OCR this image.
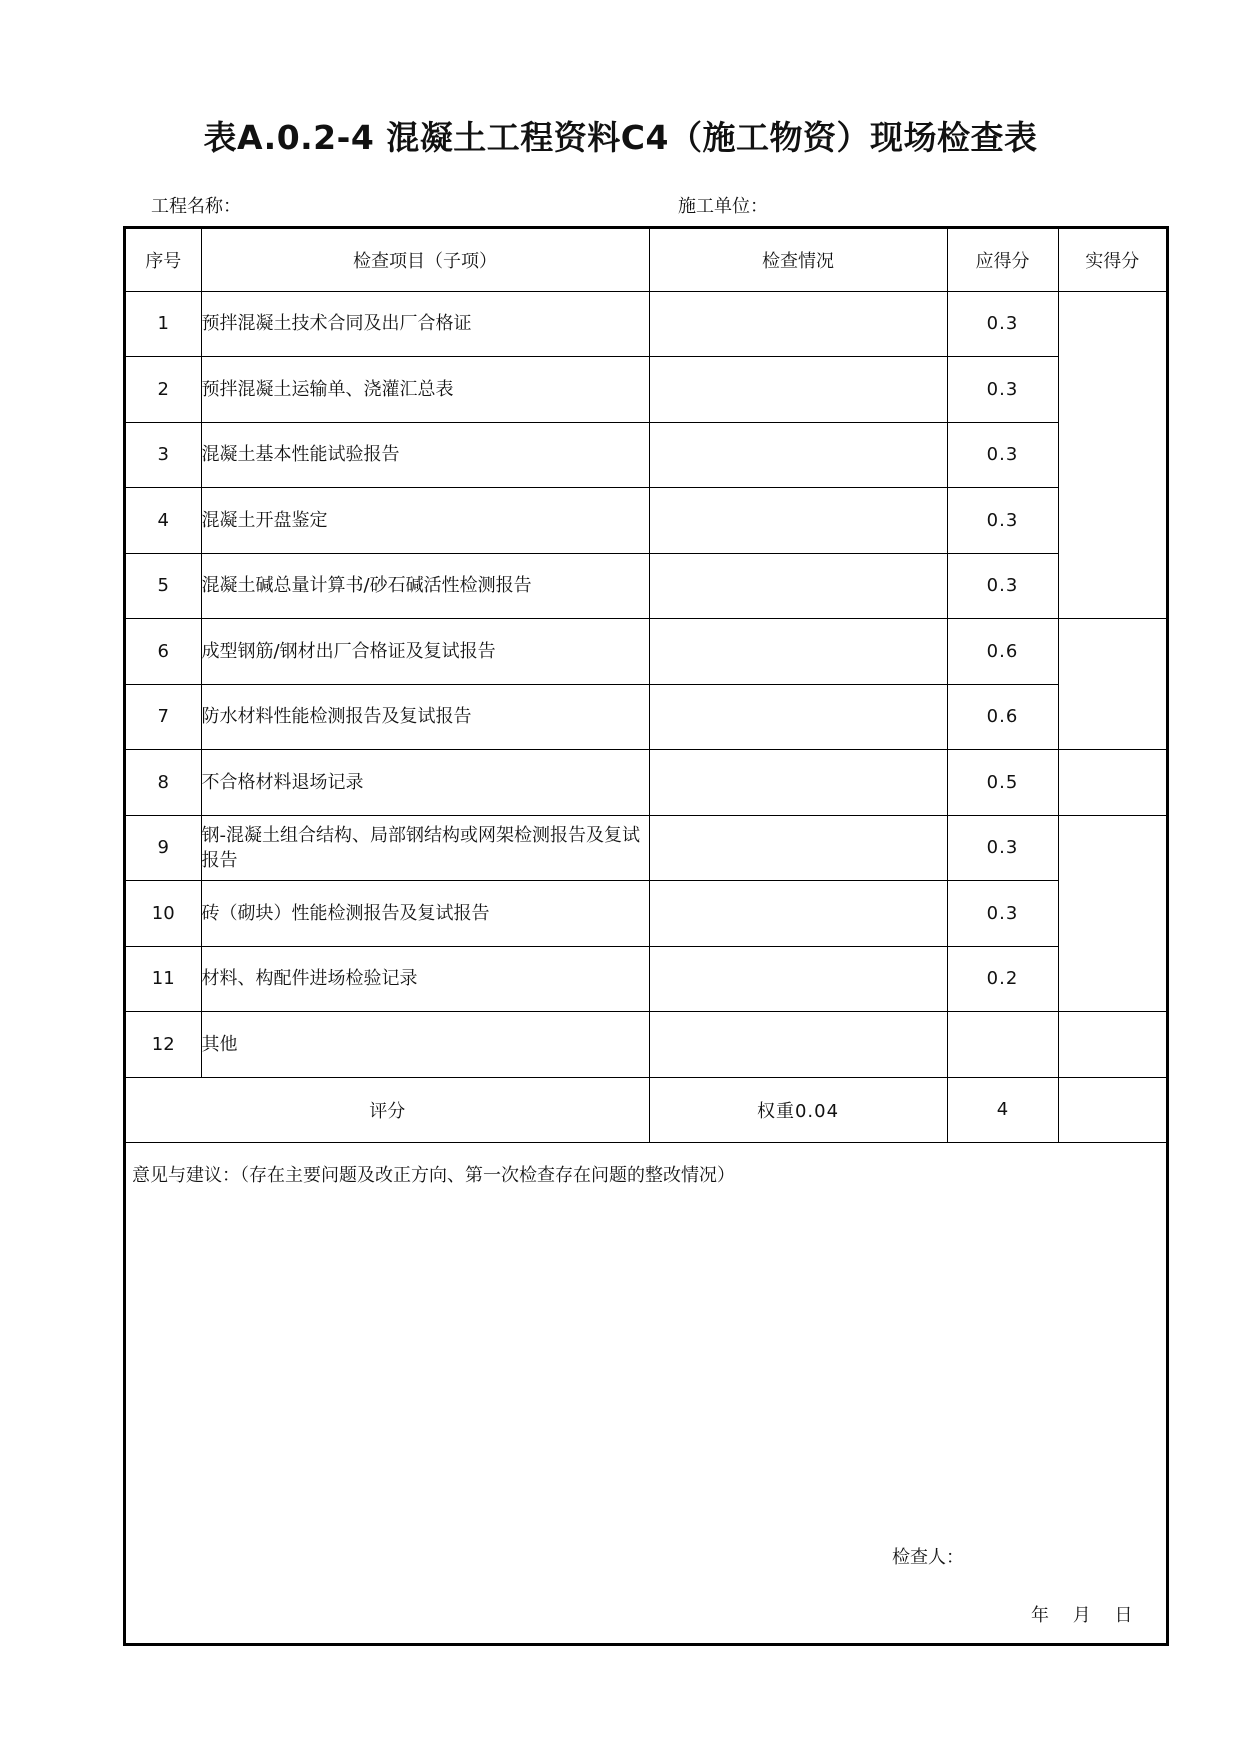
表A.0.2-4 混凝土工程资料C4（施工物资）现场检查表
工程名称：	施工单位：
序号	检查项目（子项）	检查情况	应得分	实得分
1	预拌混凝土技术合同及出厂合格证		0.3	
2	预拌混凝土运输单、浇灌汇总表		0.3	
3	混凝土基本性能试验报告		0.3	
4	混凝土开盘鉴定		0.3	
5	混凝土碱总量计算书/砂石碱活性检测报告		0.3	
6	成型钢筋/钢材出厂合格证及复试报告		0.6	
7	防水材料性能检测报告及复试报告		0.6	
8	不合格材料退场记录		0.5	
9	钢-混凝土组合结构、局部钢结构或网架检测报告及复试报告		0.3	
10	砖（砌块）性能检测报告及复试报告		0.3	
11	材料、构配件进场检验记录		0.2	
12	其他			
评分		权重0.04	4	
意见与建议：（存在主要问题及改正方向、第一次检查存在问题的整改情况）
检查人：
年 月 日
